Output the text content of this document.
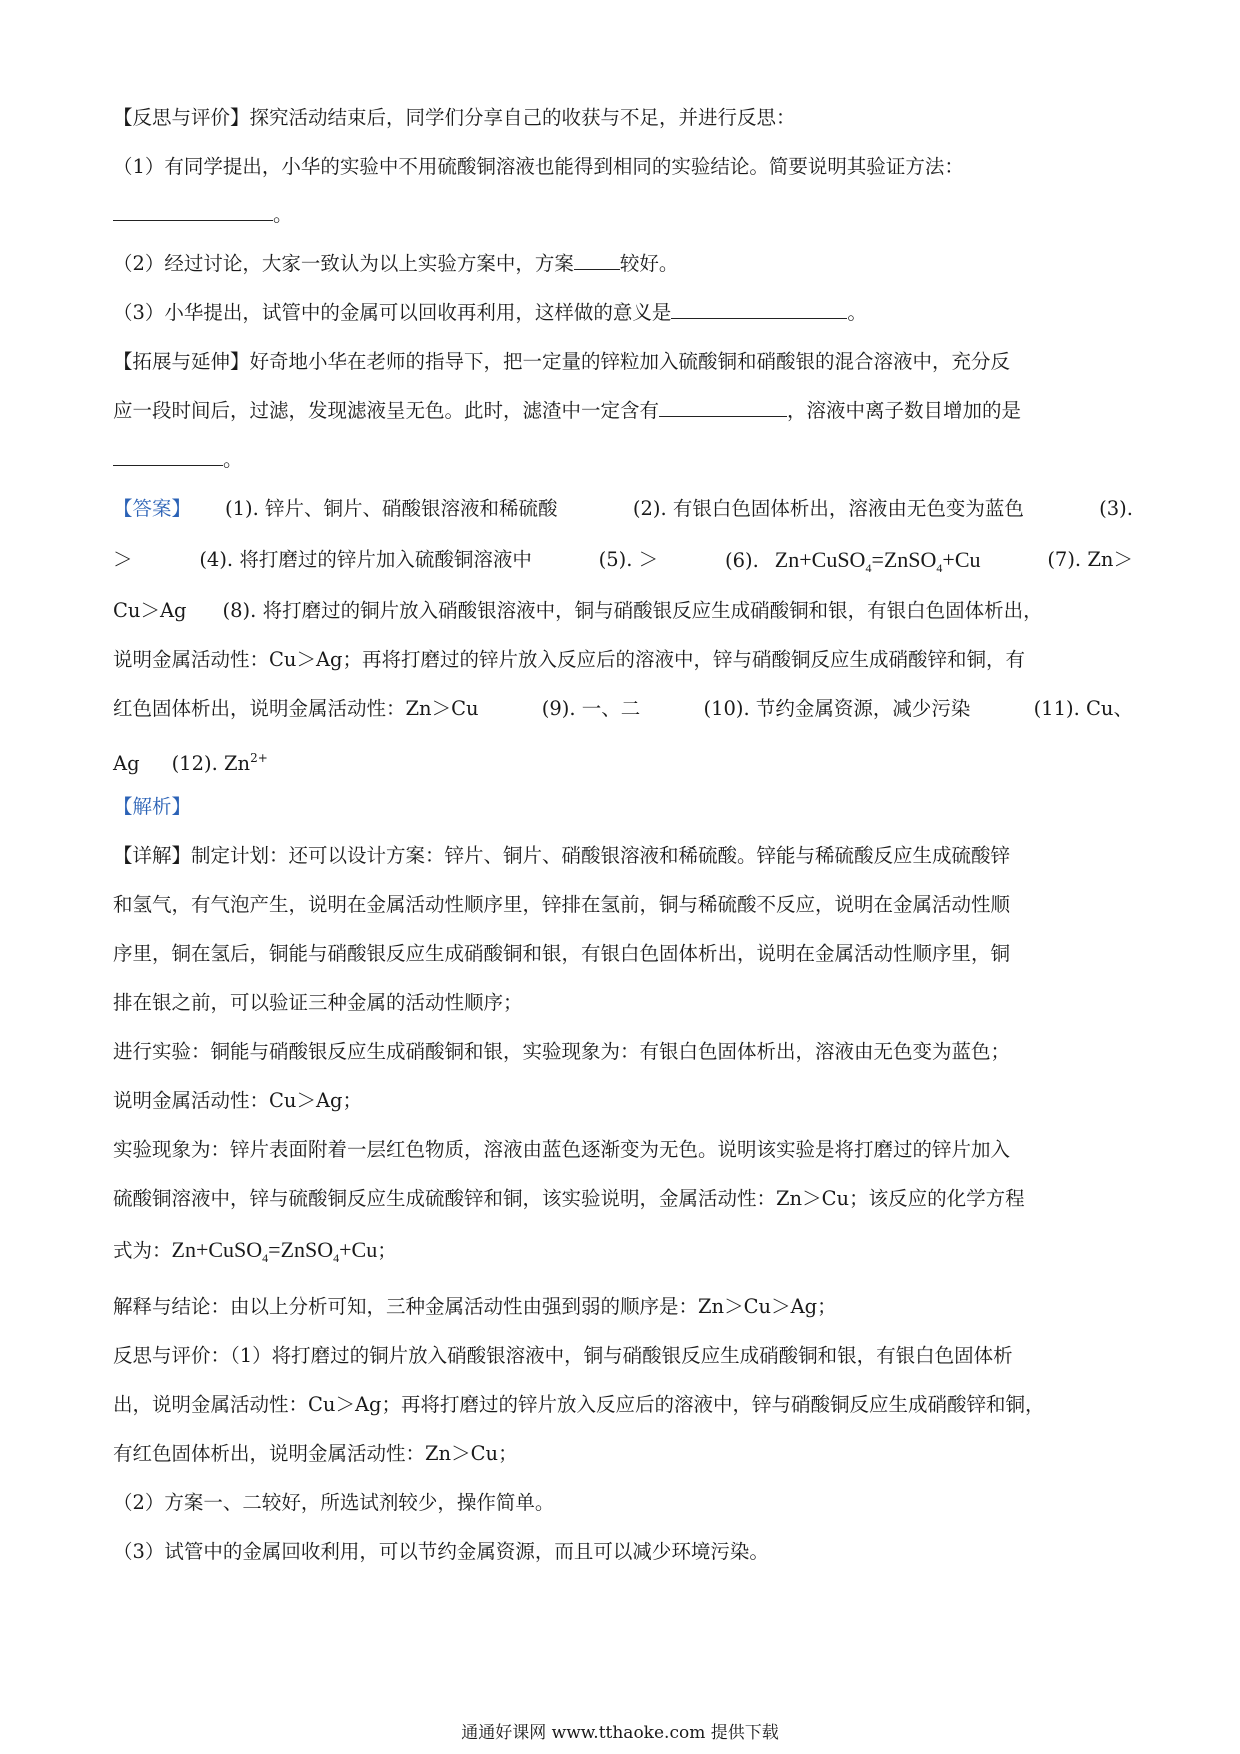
【反思与评价】探究活动结束后，同学们分享自己的收获与不足，并进行反思：
（1）有同学提出，小华的实验中不用硫酸铜溶液也能得到相同的实验结论。简要说明其验证方法：
。
（2）经过讨论，大家一致认为以上实验方案中，方案 较好。
（3）小华提出，试管中的金属可以回收再利用，这样做的意义是	。
【拓展与延伸】好奇地小华在老师的指导下，把一定量的锌粒加入硫酸铜和硝酸银的混合溶液中，充分反
应一段时间后，过滤，发现滤液呈无色。此时，滤渣中一定含有	，溶液中离子数目增加的是
。
【答案】 (1). 锌片、铜片、硝酸银溶液和稀硫酸	(2). 有银白色固体析出，溶液由无色变为蓝色	(3).
＞	(4). 将打磨过的锌片加入硫酸铜溶液中	(5). ＞	(6). Zn+CuSO$_4$=ZnSO$_4$+Cu	(7). Zn＞
Cu＞Ag (8). 将打磨过的铜片放入硝酸银溶液中，铜与硝酸银反应生成硝酸铜和银，有银白色固体析出，
说明金属活动性：Cu＞Ag；再将打磨过的锌片放入反应后的溶液中，锌与硝酸铜反应生成硝酸锌和铜，有
红色固体析出，说明金属活动性：Zn＞Cu	(9). 一、二	(10). 节约金属资源，减少污染	(11). Cu、
Ag (12). $Zn^{2+}$
【解析】
【详解】制定计划：还可以设计方案：锌片、铜片、硝酸银溶液和稀硫酸。锌能与稀硫酸反应生成硫酸锌
和氢气，有气泡产生，说明在金属活动性顺序里，锌排在氢前，铜与稀硫酸不反应，说明在金属活动性顺
序里，铜在氢后，铜能与硝酸银反应生成硝酸铜和银，有银白色固体析出，说明在金属活动性顺序里，铜
排在银之前，可以验证三种金属的活动性顺序；
进行实验：铜能与硝酸银反应生成硝酸铜和银，实验现象为：有银白色固体析出，溶液由无色变为蓝色；
说明金属活动性：Cu＞Ag；
实验现象为：锌片表面附着一层红色物质，溶液由蓝色逐渐变为无色。说明该实验是将打磨过的锌片加入
硫酸铜溶液中，锌与硫酸铜反应生成硫酸锌和铜，该实验说明，金属活动性：Zn＞Cu；该反应的化学方程
式为：Zn+CuSO$_4$=ZnSO$_4$+Cu；
解释与结论：由以上分析可知，三种金属活动性由强到弱的顺序是：Zn＞Cu＞Ag；
反思与评价：（1）将打磨过的铜片放入硝酸银溶液中，铜与硝酸银反应生成硝酸铜和银，有银白色固体析
出，说明金属活动性：Cu＞Ag；再将打磨过的锌片放入反应后的溶液中，锌与硝酸铜反应生成硝酸锌和铜，
有红色固体析出，说明金属活动性：Zn＞Cu；
（2）方案一、二较好，所选试剂较少，操作简单。
（3）试管中的金属回收利用，可以节约金属资源，而且可以减少环境污染。
通通好课网 www.tthaoke.com 提供下载
